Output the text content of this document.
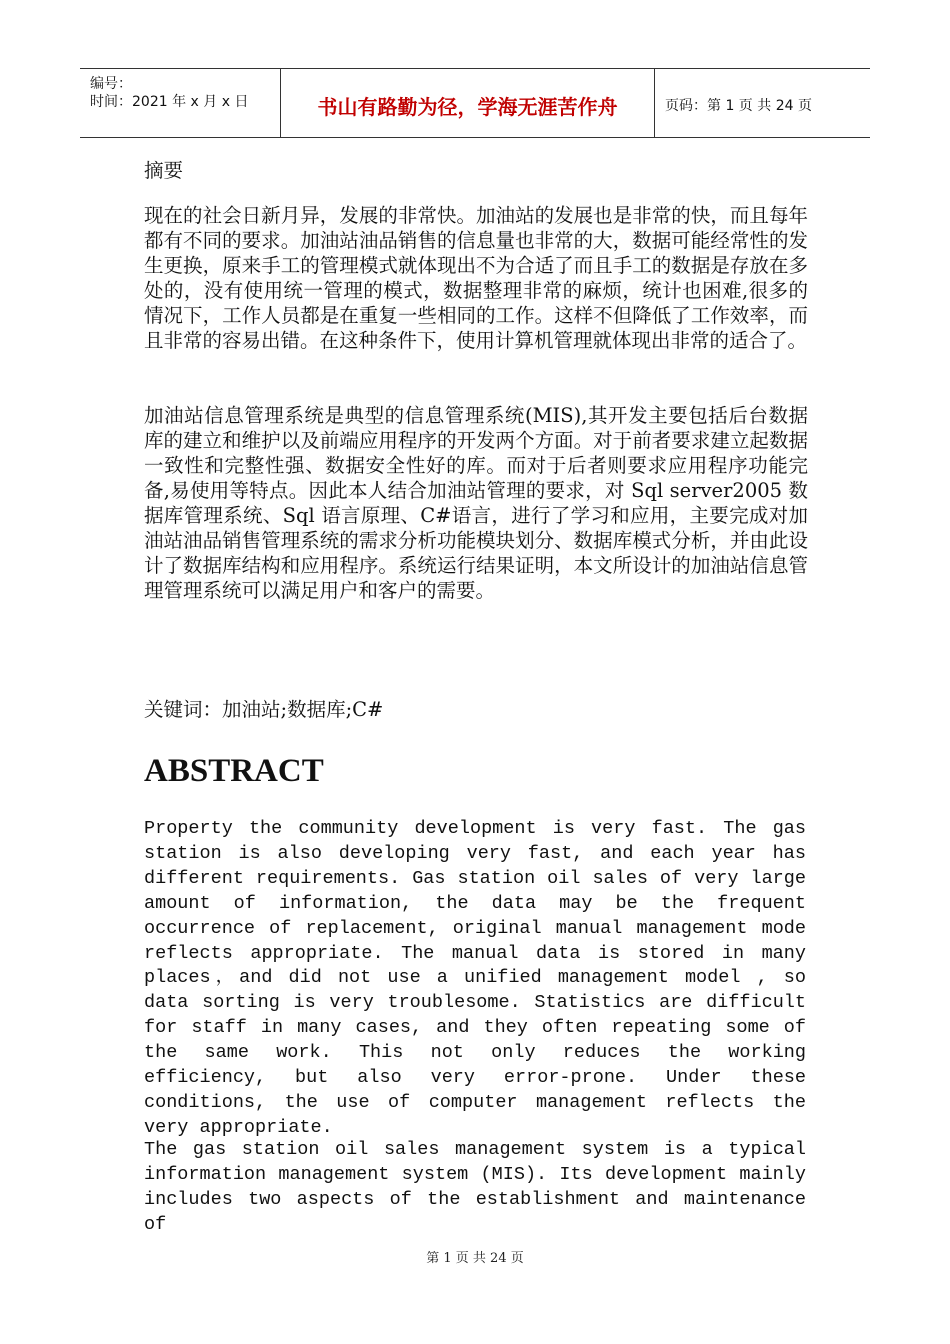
编号：
时间：2021 年 x 月 x 日	书山有路勤为径，学海无涯苦作舟	页码：第 1 页 共 24 页

摘要

现在的社会日新月异，发展的非常快。加油站的发展也是非常的快，而且每年都有不同的要求。加油站油品销售的信息量也非常的大，数据可能经常性的发生更换，原来手工的管理模式就体现出不为合适了而且手工的数据是存放在多处的，没有使用统一管理的模式，数据整理非常的麻烦，统计也困难,很多的情况下，工作人员都是在重复一些相同的工作。这样不但降低了工作效率，而且非常的容易出错。在这种条件下，使用计算机管理就体现出非常的适合了。

加油站信息管理系统是典型的信息管理系统(MIS),其开发主要包括后台数据库的建立和维护以及前端应用程序的开发两个方面。对于前者要求建立起数据一致性和完整性强、数据安全性好的库。而对于后者则要求应用程序功能完备,易使用等特点。因此本人结合加油站管理的要求，对 Sql server2005 数据库管理系统、Sql 语言原理、C#语言，进行了学习和应用，主要完成对加油站油品销售管理系统的需求分析功能模块划分、数据库模式分析，并由此设计了数据库结构和应用程序。系统运行结果证明，本文所设计的加油站信息管理管理系统可以满足用户和客户的需要。

关键词：加油站;数据库;C#

ABSTRACT

Property the community development is very fast. The gas station is also developing very fast, and each year has different requirements. Gas station oil sales of very large amount of information, the data may be the frequent occurrence of replacement, original manual management mode reflects appropriate. The manual data is stored in many places，and did not use a unified management model , so data sorting is very troublesome. Statistics are difficult for staff in many cases, and they often repeating some of the same work. This not only reduces the working efficiency, but also very error-prone. Under these conditions, the use of computer management reflects the very appropriate.

The gas station oil sales management system is a typical information management system (MIS). Its development mainly includes two aspects of the establishment and maintenance of

第 1 页 共 24 页
